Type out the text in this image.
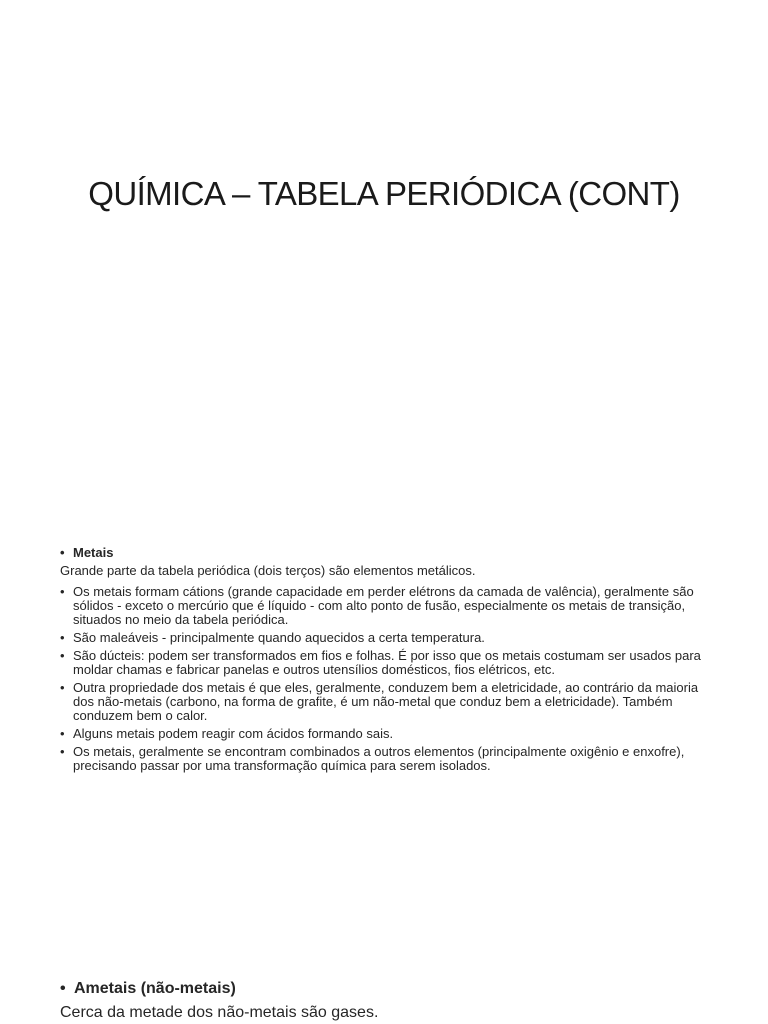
QUÍMICA – TABELA PERIÓDICA (CONT)
• Metais
Grande parte da tabela periódica (dois terços) são elementos metálicos.
• Os metais formam cátions (grande capacidade em perder elétrons da camada de valência), geralmente são sólidos - exceto o mercúrio que é líquido - com alto ponto de fusão, especialmente os metais de transição, situados no meio da tabela periódica.
• São maleáveis - principalmente quando aquecidos a certa temperatura.
• São dúcteis: podem ser transformados em fios e folhas. É por isso que os metais costumam ser usados para moldar chamas e fabricar panelas e outros utensílios domésticos, fios elétricos, etc.
• Outra propriedade dos metais é que eles, geralmente, conduzem bem a eletricidade, ao contrário da maioria dos não-metais (carbono, na forma de grafite, é um não-metal que conduz bem a eletricidade). Também conduzem bem o calor.
• Alguns metais podem reagir com ácidos formando sais.
• Os metais, geralmente se encontram combinados a outros elementos (principalmente oxigênio e enxofre), precisando passar por uma transformação química para serem isolados.
• Ametais (não-metais)
Cerca da metade dos não-metais são gases.
